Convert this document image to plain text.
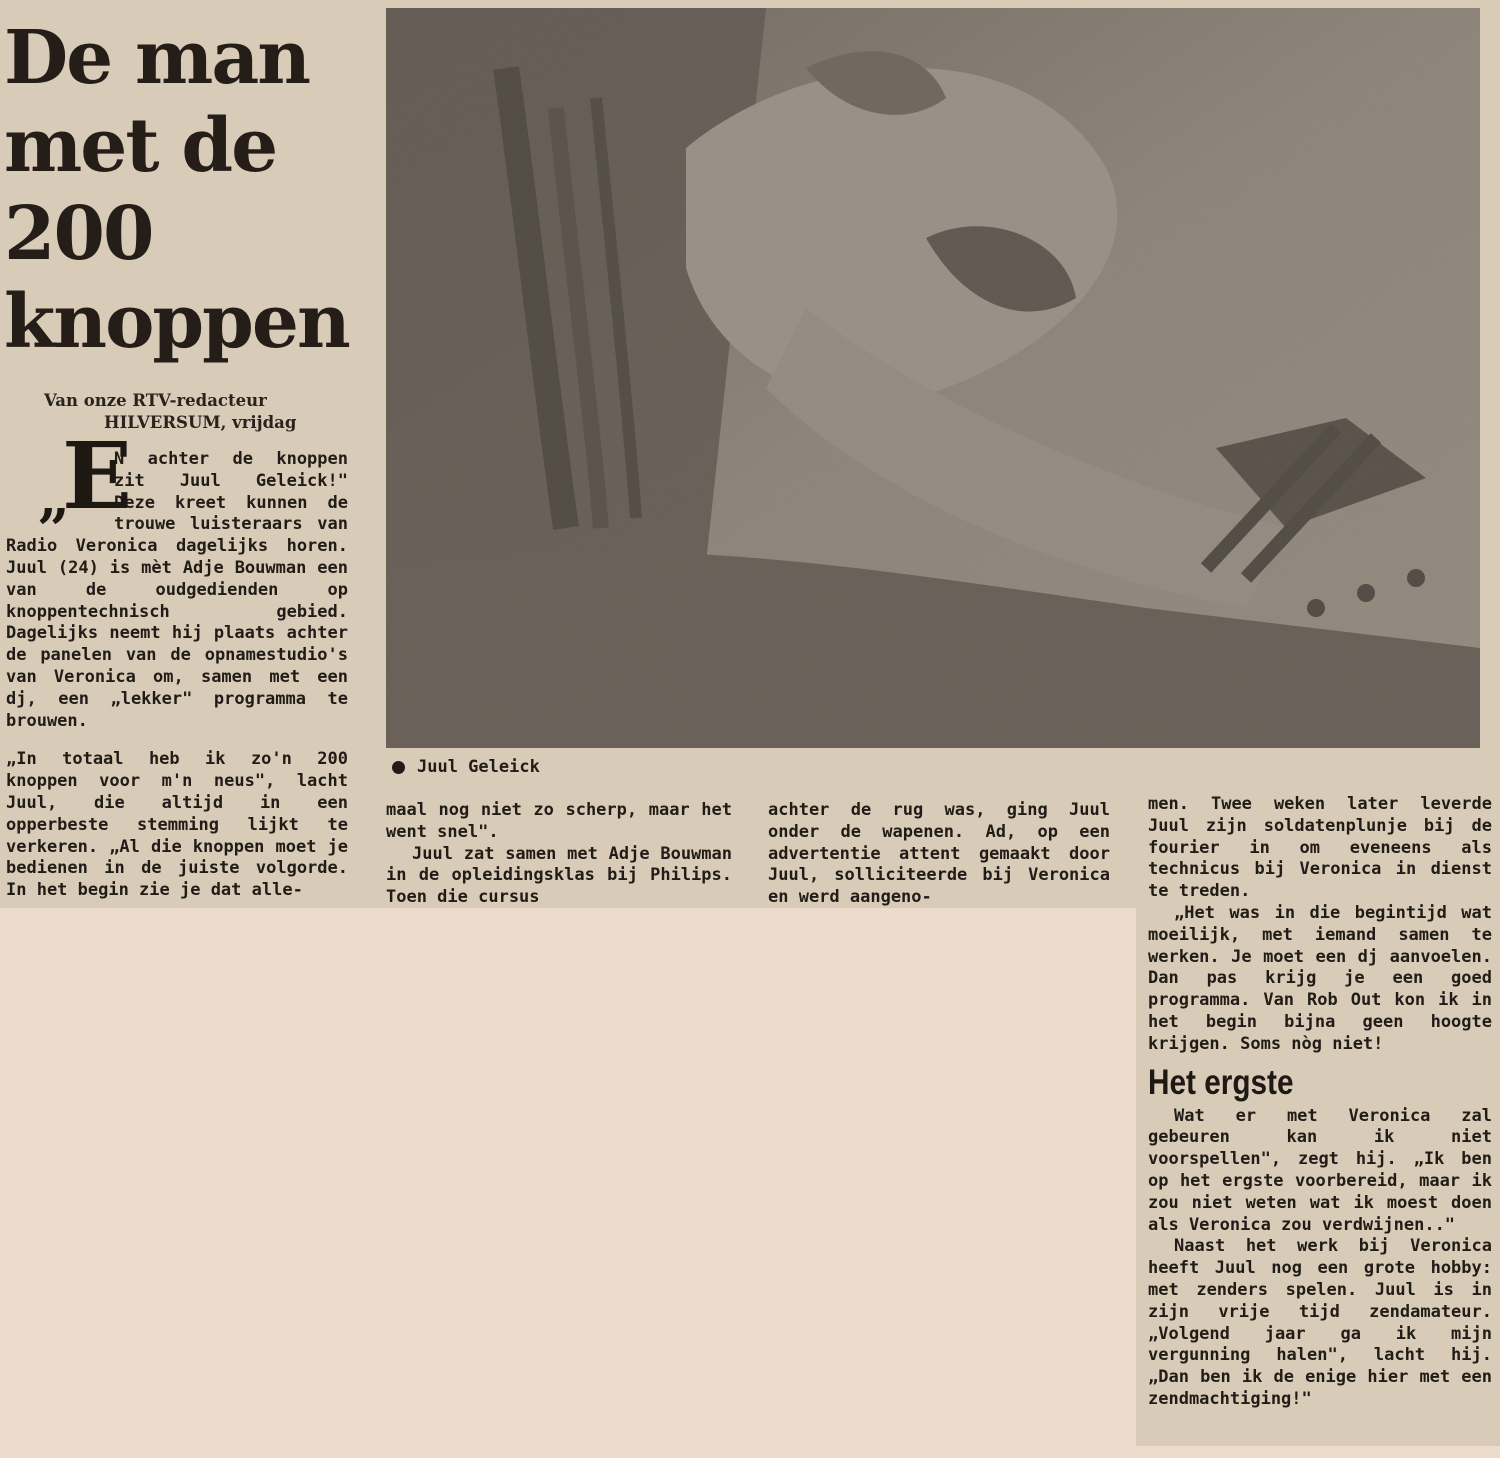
De man
met de
200
knoppen
Van onze RTV-redacteur
HILVERSUM, vrijdag
„
E

N achter de knoppen zit Juul Geleick!" Deze kreet kunnen de trouwe luisteraars van Radio Veronica dagelijks horen. Juul (24) is mèt Adje Bouwman een van de oudgedienden op knoppentechnisch gebied. Dagelijks neemt hij plaats achter de panelen van de opnamestudio's van Veronica om, samen met een dj, een „lekker" programma te brouwen.

„In totaal heb ik zo'n 200 knoppen voor m'n neus", lacht Juul, die altijd in een opperbeste stemming lijkt te verkeren. „Al die knoppen moet je bedienen in de juiste volgorde. In het begin zie je dat alle-

Juul Geleick

maal nog niet zo scherp, maar het went snel".

Juul zat samen met Adje Bouwman in de opleidingsklas bij Philips. Toen die cursus

achter de rug was, ging Juul onder de wapenen. Ad, op een advertentie attent gemaakt door Juul, solliciteerde bij Veronica en werd aangeno-

men. Twee weken later leverde Juul zijn soldatenplunje bij de fourier in om eveneens als technicus bij Veronica in dienst te treden.

„Het was in die begintijd wat moeilijk, met iemand samen te werken. Je moet een dj aanvoelen. Dan pas krijg je een goed programma. Van Rob Out kon ik in het begin bijna geen hoogte krijgen. Soms nòg niet!

Het ergste

Wat er met Veronica zal gebeuren kan ik niet voorspellen", zegt hij. „Ik ben op het ergste voorbereid, maar ik zou niet weten wat ik moest doen als Veronica zou verdwijnen.."

Naast het werk bij Veronica heeft Juul nog een grote hobby: met zenders spelen. Juul is in zijn vrije tijd zendamateur. „Volgend jaar ga ik mijn vergunning halen", lacht hij. „Dan ben ik de enige hier met een zendmachtiging!"
